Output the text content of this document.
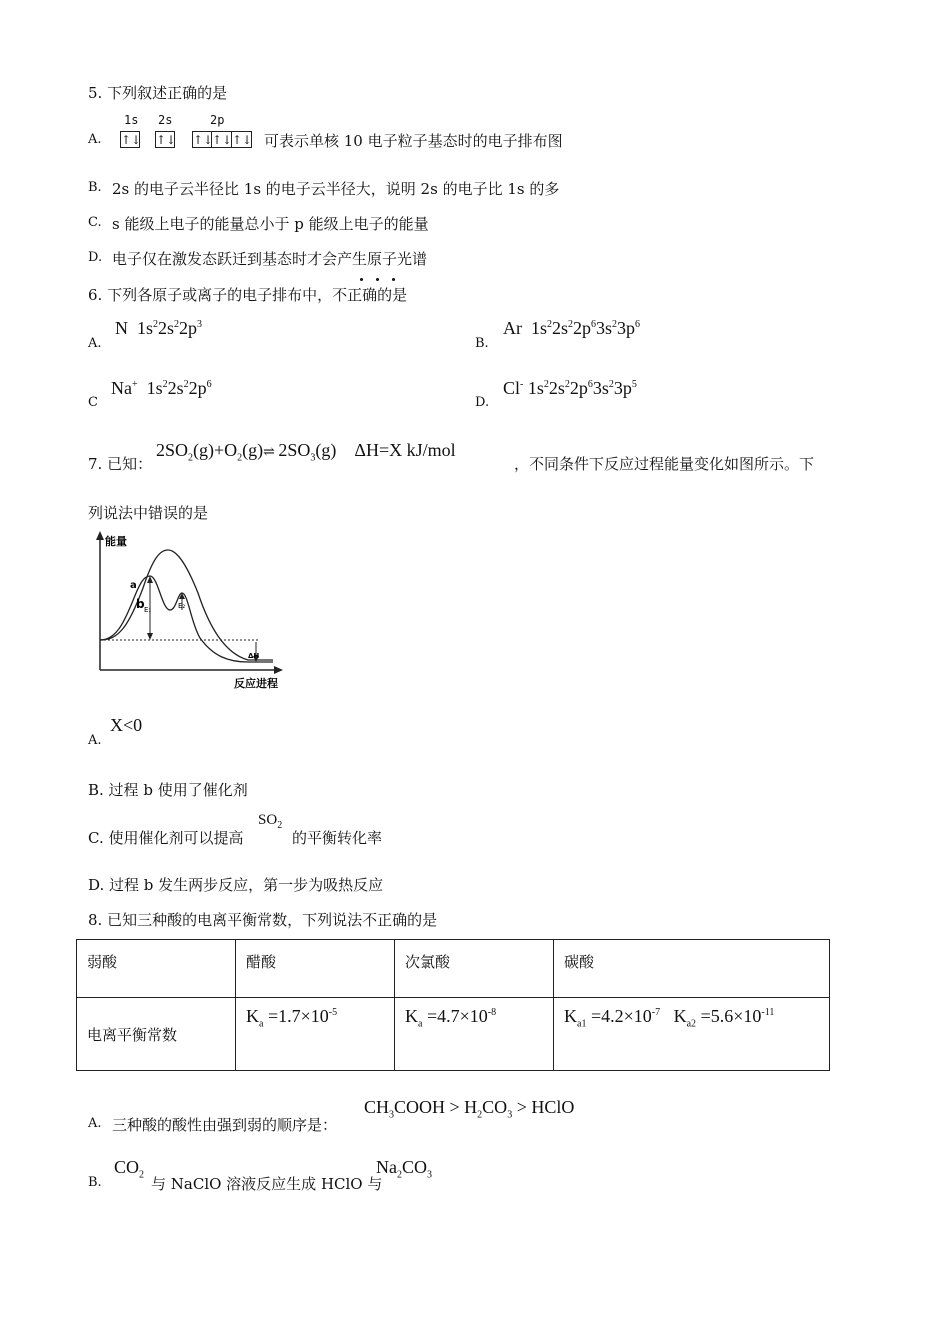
5. 下列叙述正确的是
A.
1s 2s	2p
↑↓ ↑↓ ↑↓
↑↓ ↑↓ 可表示单核 10 电子粒子基态时的电子排布图
B. 2s 的电子云半径比 1s 的电子云半径大，说明 2s 的电子比 1s 的多
C. s 能级上电子的能量总小于 p 能级上电子的能量
D. 电子仅在激发态跃迁到基态时才会产生原子光谱
6. 下列各原子或离子的电子排布中，不正确的是
A.
N  $1s^22s^22p^3$
B.
Ar  $1s^22s^22p^63s^23p^6$
C
Na+  $1s^22s^22p^6$
D.
Cl- $1s^22s^22p^63s^23p^5$
7. 已知：
$2SO_2(g)+O_2(g)\rightleftharpoons$ $2SO_3(g)$    ΔH=X kJ/mol
，不同条件下反应过程能量变化如图所示。下
列说法中错误的是
能量
反应进程
a
b E₁	E₂
ΔH
A.
X<0
B. 过程 b 使用了催化剂
C. 使用催化剂可以提高
$SO_2$
的平衡转化率
D. 过程 b 发生两步反应，第一步为吸热反应
8. 已知三种酸的电离平衡常数，下列说法不正确的是
弱酸	醋酸	次氯酸	碳酸
电离平衡常数	$K_a =1.7\times 10^{-5}$	$K_a =4.7\times 10^{-8}$	$K_{a1} =4.2\times 10^{-7}$   $K_{a2} =5.6\times 10^{-11}$
A. 三种酸的酸性由强到弱的顺序是：
$CH_3COOH > H_2CO_3$ > HClO
B.
$CO_2$ 与 NaClO 溶液反应生成 HClO 与
$Na_2CO_3$
